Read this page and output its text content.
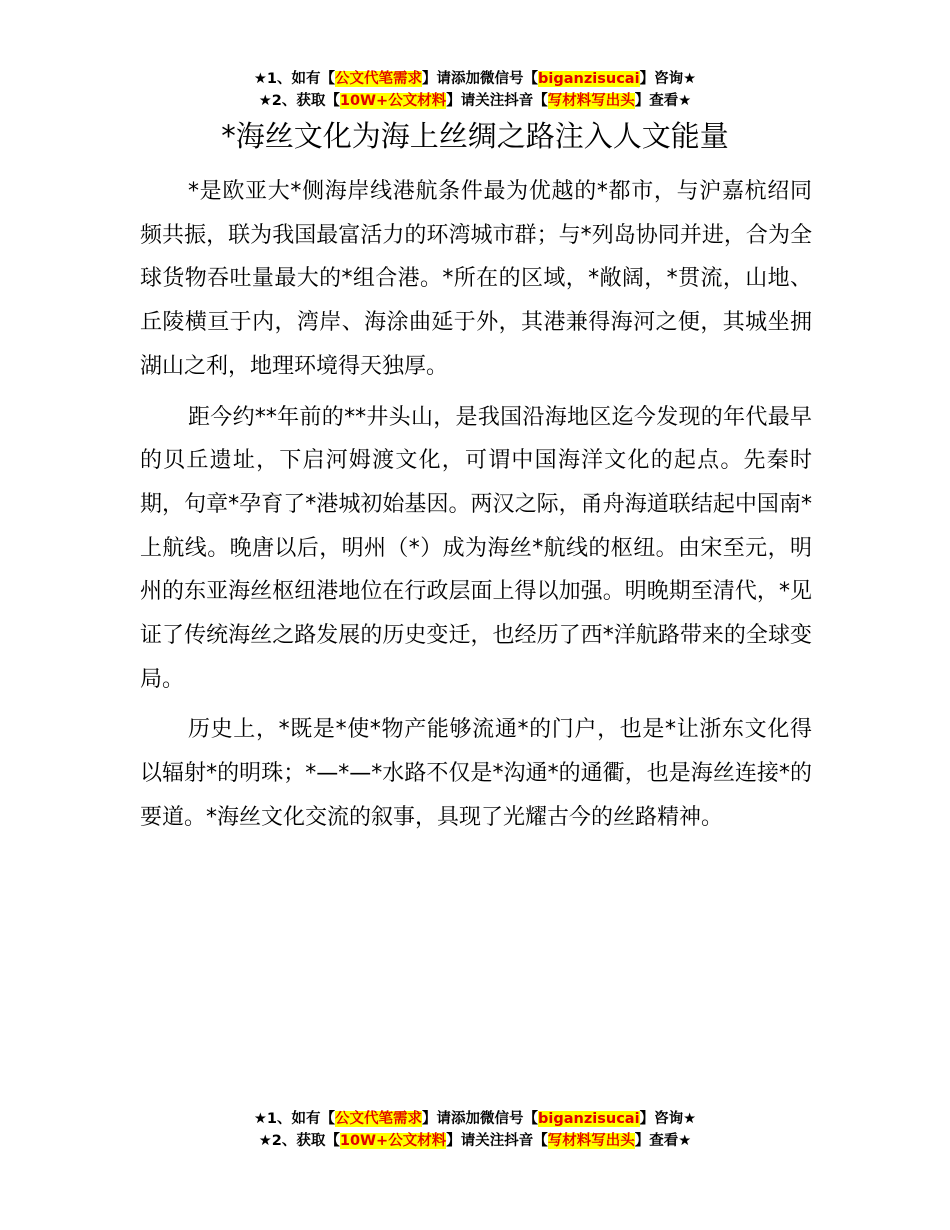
★1、如有【公文代笔需求】请添加微信号【biganzisucai】咨询★
★2、获取【10W+公文材料】请关注抖音【写材料写出头】查看★
*海丝文化为海上丝绸之路注入人文能量

*是欧亚大*侧海岸线港航条件最为优越的*都市，与沪嘉杭绍同频共振，联为我国最富活力的环湾城市群；与*列岛协同并进，合为全球货物吞吐量最大的*组合港。*所在的区域，*敞阔，*贯流，山地、丘陵横亘于内，湾岸、海涂曲延于外，其港兼得海河之便，其城坐拥湖山之利，地理环境得天独厚。

距今约**年前的**井头山，是我国沿海地区迄今发现的年代最早的贝丘遗址，下启河姆渡文化，可谓中国海洋文化的起点。先秦时期，句章*孕育了*港城初始基因。两汉之际，甬舟海道联结起中国南*上航线。晚唐以后，明州（*）成为海丝*航线的枢纽。由宋至元，明州的东亚海丝枢纽港地位在行政层面上得以加强。明晚期至清代，*见证了传统海丝之路发展的历史变迁，也经历了西*洋航路带来的全球变局。

历史上，*既是*使*物产能够流通*的门户，也是*让浙东文化得以辐射*的明珠；*—*—*水路不仅是*沟通*的通衢，也是海丝连接*的要道。*海丝文化交流的叙事，具现了光耀古今的丝路精神。

★1、如有【公文代笔需求】请添加微信号【biganzisucai】咨询★
★2、获取【10W+公文材料】请关注抖音【写材料写出头】查看★
